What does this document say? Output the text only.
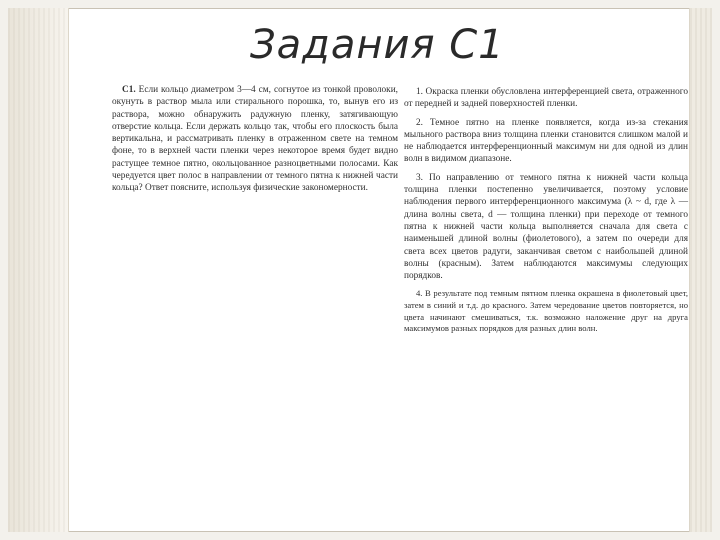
Задания С1

С1. Если кольцо диаметром 3—4 см, согнутое из тонкой проволоки, окунуть в раствор мыла или стирального порошка, то, вынув его из раствора, можно обнаружить радужную пленку, затягивающую отверстие кольца. Если держать кольцо так, чтобы его плоскость была вертикальна, и рассматривать пленку в отраженном свете на темном фоне, то в верхней части пленки через некоторое время будет видно растущее темное пятно, окольцованное разноцветными полосами. Как чередуется цвет полос в направлении от темного пятна к нижней части кольца? Ответ поясните, используя физические закономерности.

1. Окраска пленки обусловлена интерференцией света, отраженного от передней и задней поверхностей пленки.

2. Темное пятно на пленке появляется, когда из-за стекания мыльного раствора вниз толщина пленки становится слишком малой и не наблюдается интерференционный максимум ни для одной из длин волн в видимом диапазоне.

3. По направлению от темного пятна к нижней части кольца толщина пленки постепенно увеличивается, поэтому условие наблюдения первого интерференционного максимума (λ ~ d, где λ — длина волны света, d — толщина пленки) при переходе от темного пятна к нижней части кольца выполняется сначала для света с наименьшей длиной волны (фиолетового), а затем по очереди для света всех цветов радуги, заканчивая светом с наибольшей длиной волны (красным). Затем наблюдаются максимумы следующих порядков.

4. В результате под темным пятном пленка окрашена в фиолетовый цвет, затем в синий и т.д. до красного. Затем чередование цветов повторяется, но цвета начинают смешиваться, т.к. возможно наложение друг на друга максимумов разных порядков для разных длин волн.
